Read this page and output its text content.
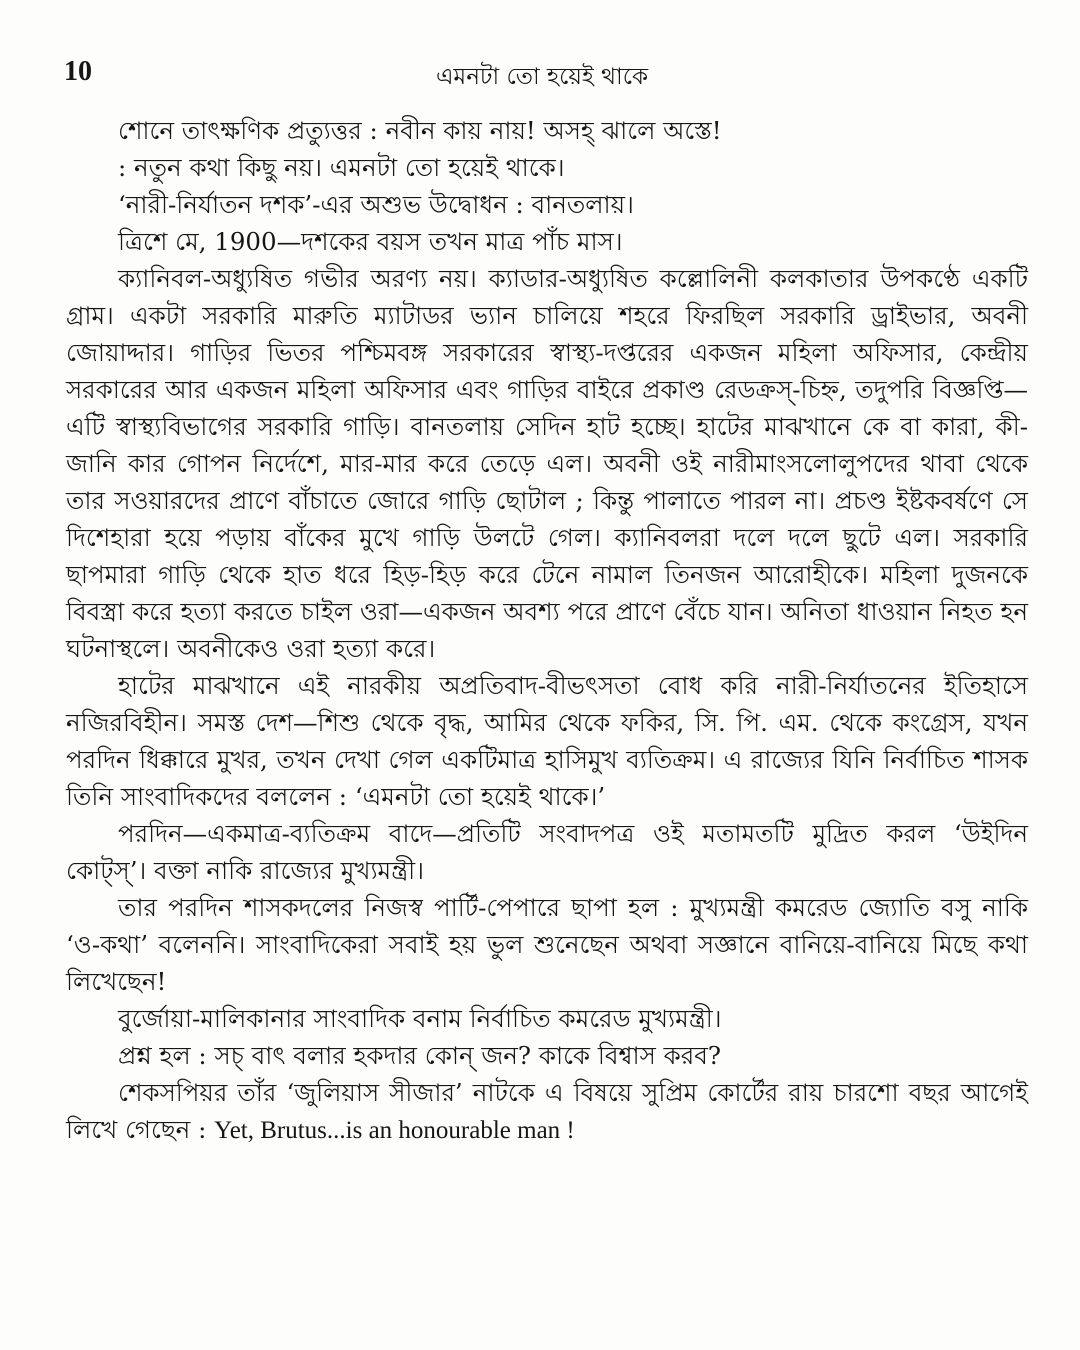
10	এমনটা তো হয়েই থাকে

শোনে তাৎক্ষণিক প্রত্যুত্তর : নবীন কায় নায়! অসহ্ ঝালে অস্তে!

: নতুন কথা কিছু নয়। এমনটা তো হয়েই থাকে।

‘নারী-নির্যাতন দশক’-এর অশুভ উদ্বোধন : বানতলায়।

ত্রিশে মে, 1900—দশকের বয়স তখন মাত্র পাঁচ মাস।

ক্যানিবল-অধ্যুষিত গভীর অরণ্য নয়। ক্যাডার-অধ্যুষিত কল্লোলিনী কলকাতার উপকণ্ঠে একটি গ্রাম। একটা সরকারি মারুতি ম্যাটাডর ভ্যান চালিয়ে শহরে ফিরছিল সরকারি ড্রাইভার, অবনী জোয়াদ্দার। গাড়ির ভিতর পশ্চিমবঙ্গ সরকারের স্বাস্থ্য-দপ্তরের একজন মহিলা অফিসার, কেন্দ্রীয় সরকারের আর একজন মহিলা অফিসার এবং গাড়ির বাইরে প্রকাণ্ড রেডক্রস্-চিহ্ন, তদুপরি বিজ্ঞপ্তি—এটি স্বাস্থ্যবিভাগের সরকারি গাড়ি। বানতলায় সেদিন হাট হচ্ছে। হাটের মাঝখানে কে বা কারা, কী-জানি কার গোপন নির্দেশে, মার-মার করে তেড়ে এল। অবনী ওই নারীমাংসলোলুপদের থাবা থেকে তার সওয়ারদের প্রাণে বাঁচাতে জোরে গাড়ি ছোটাল ; কিন্তু পালাতে পারল না। প্রচণ্ড ইষ্টকবর্ষণে সে দিশেহারা হয়ে পড়ায় বাঁকের মুখে গাড়ি উলটে গেল। ক্যানিবলরা দলে দলে ছুটে এল। সরকারি ছাপমারা গাড়ি থেকে হাত ধরে হিড়-হিড় করে টেনে নামাল তিনজন আরোহীকে। মহিলা দুজনকে বিবস্ত্রা করে হত্যা করতে চাইল ওরা—একজন অবশ্য পরে প্রাণে বেঁচে যান। অনিতা ধাওয়ান নিহত হন ঘটনাস্থলে। অবনীকেও ওরা হত্যা করে।

হাটের মাঝখানে এই নারকীয় অপ্রতিবাদ-বীভৎসতা বোধ করি নারী-নির্যাতনের ইতিহাসে নজিরবিহীন। সমস্ত দেশ—শিশু থেকে বৃদ্ধ, আমির থেকে ফকির, সি. পি. এম. থেকে কংগ্রেস, যখন পরদিন ধিক্কারে মুখর, তখন দেখা গেল একটিমাত্র হাসিমুখ ব্যতিক্রম। এ রাজ্যের যিনি নির্বাচিত শাসক তিনি সাংবাদিকদের বললেন : ‘এমনটা তো হয়েই থাকে।’

পরদিন—একমাত্র-ব্যতিক্রম বাদে—প্রতিটি সংবাদপত্র ওই মতামতটি মুদ্রিত করল ‘উইদিন কোট্স্’। বক্তা নাকি রাজ্যের মুখ্যমন্ত্রী।

তার পরদিন শাসকদলের নিজস্ব পার্টি-পেপারে ছাপা হল : মুখ্যমন্ত্রী কমরেড জ্যোতি বসু নাকি ‘ও-কথা’ বলেননি। সাংবাদিকেরা সবাই হয় ভুল শুনেছেন অথবা সজ্ঞানে বানিয়ে-বানিয়ে মিছে কথা লিখেছেন!

বুর্জোয়া-মালিকানার সাংবাদিক বনাম নির্বাচিত কমরেড মুখ্যমন্ত্রী।

প্রশ্ন হল : সচ্ বাৎ বলার হকদার কোন্ জন? কাকে বিশ্বাস করব?

শেকসপিয়র তাঁর ‘জুলিয়াস সীজার’ নাটকে এ বিষয়ে সুপ্রিম কোর্টের রায় চারশো বছর আগেই লিখে গেছেন : Yet, Brutus...is an honourable man !
